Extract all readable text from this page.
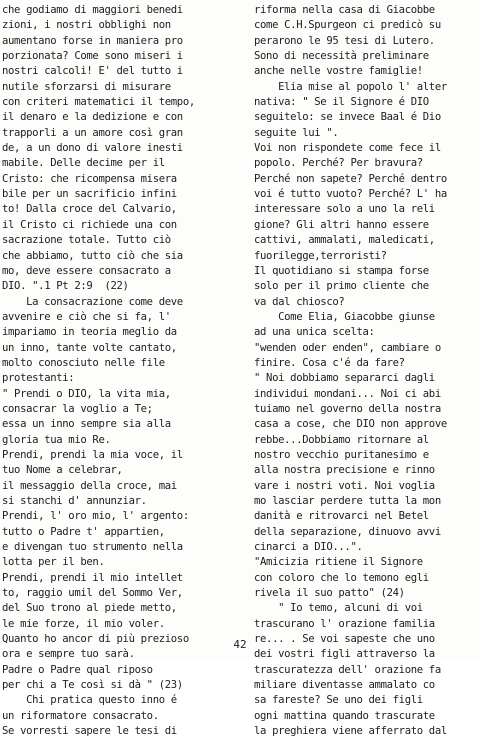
che godiamo di maggiori benedi
zioni, i nostri obblighi non
aumentano forse in maniera pro
porzionata? Come sono miseri i
nostri calcoli! E' del tutto i
nutile sforzarsi di misurare
con criteri matematici il tempo,
il denaro e la dedizione e con
trapporli a un amore così gran
de, a un dono di valore inesti
mabile. Delle decime per il
Cristo: che ricompensa misera
bile per un sacrificio infini
to! Dalla croce del Calvario,
il Cristo ci richiede una con
sacrazione totale. Tutto ciò
che abbiamo, tutto ciò che sia
mo, deve essere consacrato a
DIO. ".1 Pt 2:9  (22)
La consacrazione come deve
avvenire e ciò che si fa, l'
impariamo in teoria meglio da
un inno, tante volte cantato,
molto conosciuto nelle file
protestanti:
" Prendi o DIO, la vita mia,
consacrar la voglio a Te;
essa un inno sempre sia alla
gloria tua mio Re.
Prendi, prendi la mia voce, il
tuo Nome a celebrar,
il messaggio della croce, mai
si stanchi d' annunziar.
Prendi, l' oro mio, l' argento:
tutto o Padre t' appartien,
e divengan tuo strumento nella
lotta per il ben.
Prendi, prendi il mio intellet
to, raggio umil del Sommo Ver,
del Suo trono al piede metto,
le mie forze, il mio voler.
Quanto ho ancor di più prezioso
ora e sempre tuo sarà.
Padre o Padre qual riposo
per chi a Te così si dà " (23)
Chi pratica questo inno é
un riformatore consacrato.
Se vorresti sapere le tesi di
riforma nella casa di Giacobbe
come C.H.Spurgeon ci predicò su
perarono le 95 tesi di Lutero.
Sono di necessità preliminare
anche nelle vostre famiglie!
Elia mise al popolo l' alter
nativa: " Se il Signore é DIO
seguitelo: se invece Baal é Dio
seguite lui ".
Voi non rispondete come fece il
popolo. Perché? Per bravura?
Perché non sapete? Perché dentro
voi é tutto vuoto? Perché? L' ha
interessare solo a uno la reli
gione? Gli altri hanno essere
cattivi, ammalati, maledicati,
fuorilegge,terroristi?
Il quotidiano si stampa forse
solo per il primo cliente che
va dal chiosco?
Come Elia, Giacobbe giunse
ad una unica scelta:
"wenden oder enden", cambiare o
finire. Cosa c'é da fare?
" Noi dobbiamo separarci dagli
individui mondani... Noi ci abi
tuiamo nel governo della nostra
casa a cose, che DIO non approve
rebbe...Dobbiamo ritornare al
nostro vecchio puritanesimo e
alla nostra precisione e rinno
vare i nostri voti. Noi voglia
mo lasciar perdere tutta la mon
danità e ritrovarci nel Betel
della separazione, dinuovo avvi
cinarci a DIO...".
"Amicizia ritiene il Signore
con coloro che lo temono egli
rivela il suo patto" (24)
" Io temo, alcuni di voi
trascurano l' orazione familia
re... . Se voi sapeste che uno
dei vostri figli attraverso la
trascuratezza dell' orazione fa
miliare diventasse ammalato co
sa fareste? Se uno dei figli
ogni mattina quando trascurate
la preghiera viene afferrato dal
42
